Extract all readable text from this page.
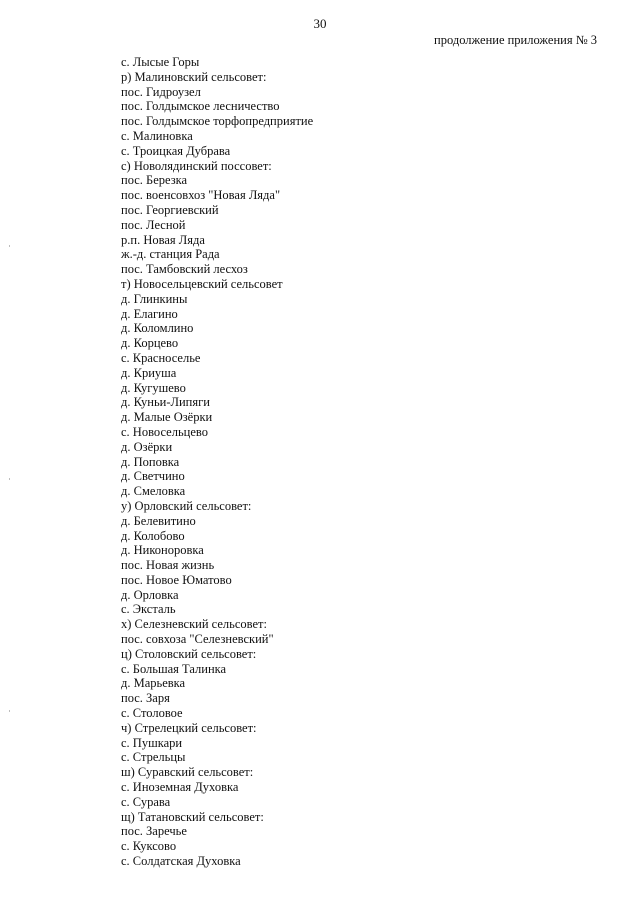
30
продолжение приложения № 3
с. Лысые Горы
р) Малиновский сельсовет:
пос. Гидроузел
пос. Голдымское лесничество
пос. Голдымское торфопредприятие
с. Малиновка
с. Троицкая Дубрава
с) Новолядинский поссовет:
пос. Березка
пос. военсовхоз "Новая Ляда"
пос. Георгиевский
пос. Лесной
р.п. Новая Ляда
ж.-д. станция Рада
пос. Тамбовский лесхоз
т) Новосельцевский сельсовет
д. Глинкины
д. Елагино
д. Коломлино
д. Корцево
с. Красноселье
д. Криуша
д. Кугушево
д. Куньи-Липяги
д. Малые Озёрки
с. Новосельцево
д. Озёрки
д. Поповка
д. Светчино
д. Смеловка
у) Орловский сельсовет:
д. Белевитино
д. Колобово
д. Никоноровка
пос. Новая жизнь
пос. Новое Юматово
д. Орловка
с. Эксталь
х) Селезневский сельсовет:
пос. совхоза "Селезневский"
ц) Столовский сельсовет:
с. Большая Талинка
д. Марьевка
пос. Заря
с. Столовое
ч) Стрелецкий сельсовет:
с. Пушкари
с. Стрельцы
ш) Суравский сельсовет:
с. Иноземная Духовка
с. Сурава
щ) Татановский сельсовет:
пос. Заречье
с. Куксово
с. Солдатская Духовка
